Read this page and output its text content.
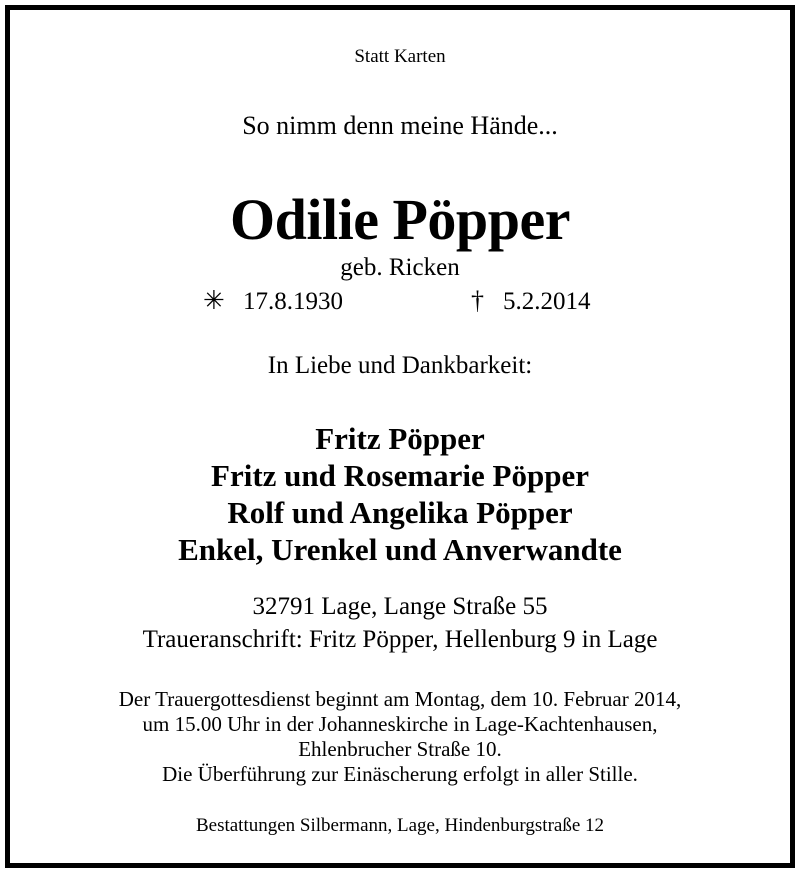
Statt Karten
So nimm denn meine Hände...
Odilie Pöpper
geb. Ricken
✳ 17.8.1930	† 5.2.2014
In Liebe und Dankbarkeit:
Fritz Pöpper
Fritz und Rosemarie Pöpper
Rolf und Angelika Pöpper
Enkel, Urenkel und Anverwandte
32791 Lage, Lange Straße 55
Traueranschrift: Fritz Pöpper, Hellenburg 9 in Lage
Der Trauergottesdienst beginnt am Montag, dem 10. Februar 2014,
um 15.00 Uhr in der Johanneskirche in Lage-Kachtenhausen,
Ehlenbrucher Straße 10.
Die Überführung zur Einäscherung erfolgt in aller Stille.
Bestattungen Silbermann, Lage, Hindenburgstraße 12
